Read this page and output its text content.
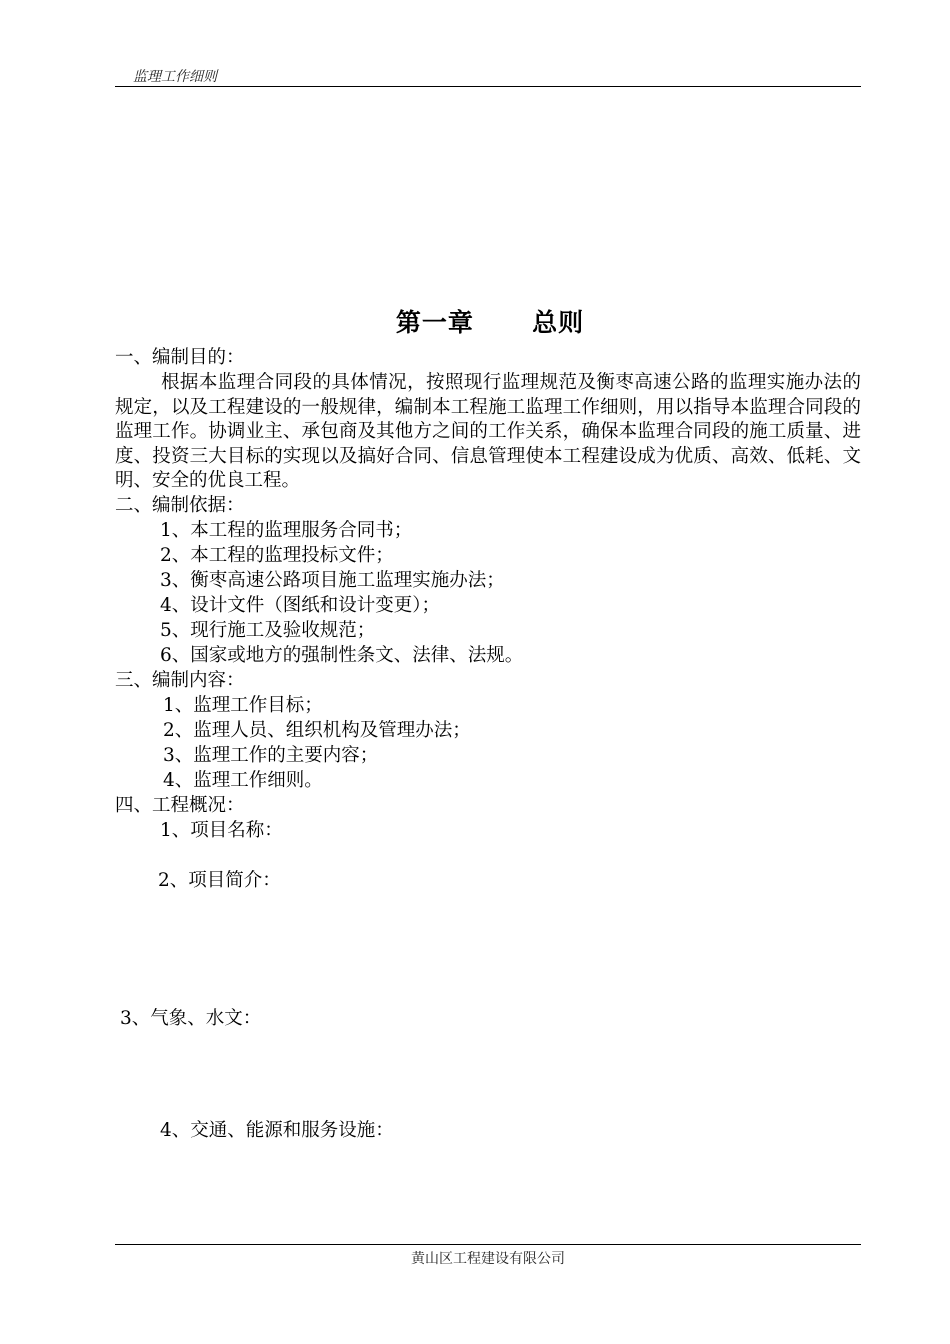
监理工作细则
第一章      总则
一、编制目的：
根据本监理合同段的具体情况，按照现行监理规范及衡枣高速公路的监理实施办法的规定，以及工程建设的一般规律，编制本工程施工监理工作细则，用以指导本监理合同段的监理工作。协调业主、承包商及其他方之间的工作关系，确保本监理合同段的施工质量、进度、投资三大目标的实现以及搞好合同、信息管理使本工程建设成为优质、高效、低耗、文明、安全的优良工程。
二、编制依据：
1、本工程的监理服务合同书；
2、本工程的监理投标文件；
3、衡枣高速公路项目施工监理实施办法；
4、设计文件（图纸和设计变更）；
5、现行施工及验收规范；
6、国家或地方的强制性条文、法律、法规。
三、编制内容：
1、监理工作目标；
2、监理人员、组织机构及管理办法；
3、监理工作的主要内容；
4、监理工作细则。
四、工程概况：
1、项目名称：
2、项目简介：
3、气象、水文：
4、交通、能源和服务设施：
黄山区工程建设有限公司
